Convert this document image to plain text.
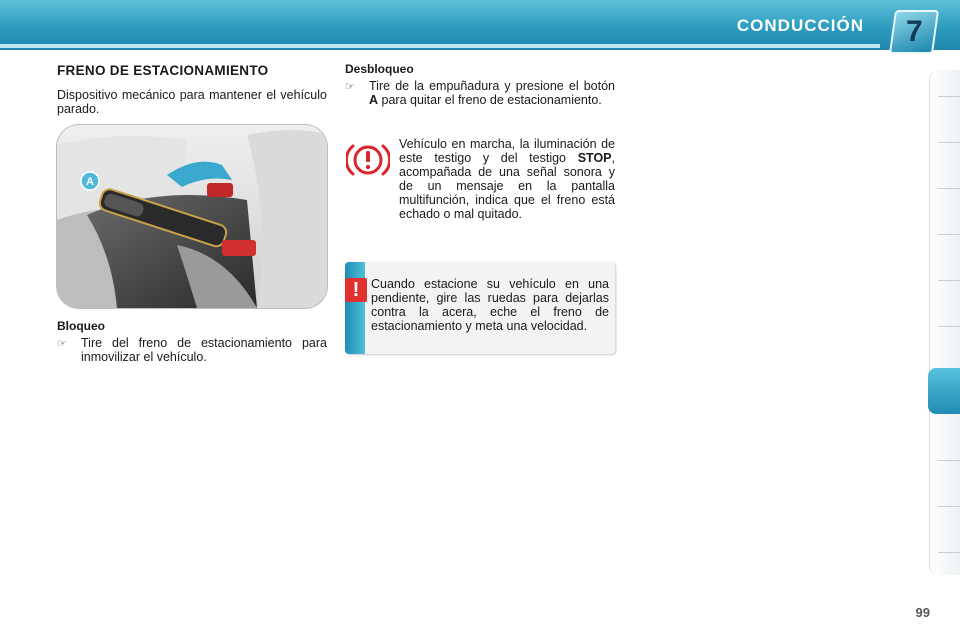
CONDUCCIÓN 7
FRENO DE ESTACIONAMIENTO
Dispositivo mecánico para mantener el vehículo parado.
A
Bloqueo
☞	Tire del freno de estacionamiento para inmovilizar el vehículo.
Desbloqueo
☞	Tire de la empuñadura y presione el botón A para quitar el freno de estacionamiento.
Vehículo en marcha, la iluminación de este testigo y del testigo STOP, acompañada de una señal sonora y de un mensaje en la pantalla multifunción, indica que el freno está echado o mal quitado.
! Cuando estacione su vehículo en una pendiente, gire las ruedas para dejarlas contra la acera, eche el freno de estacionamiento y meta una velocidad.
99
